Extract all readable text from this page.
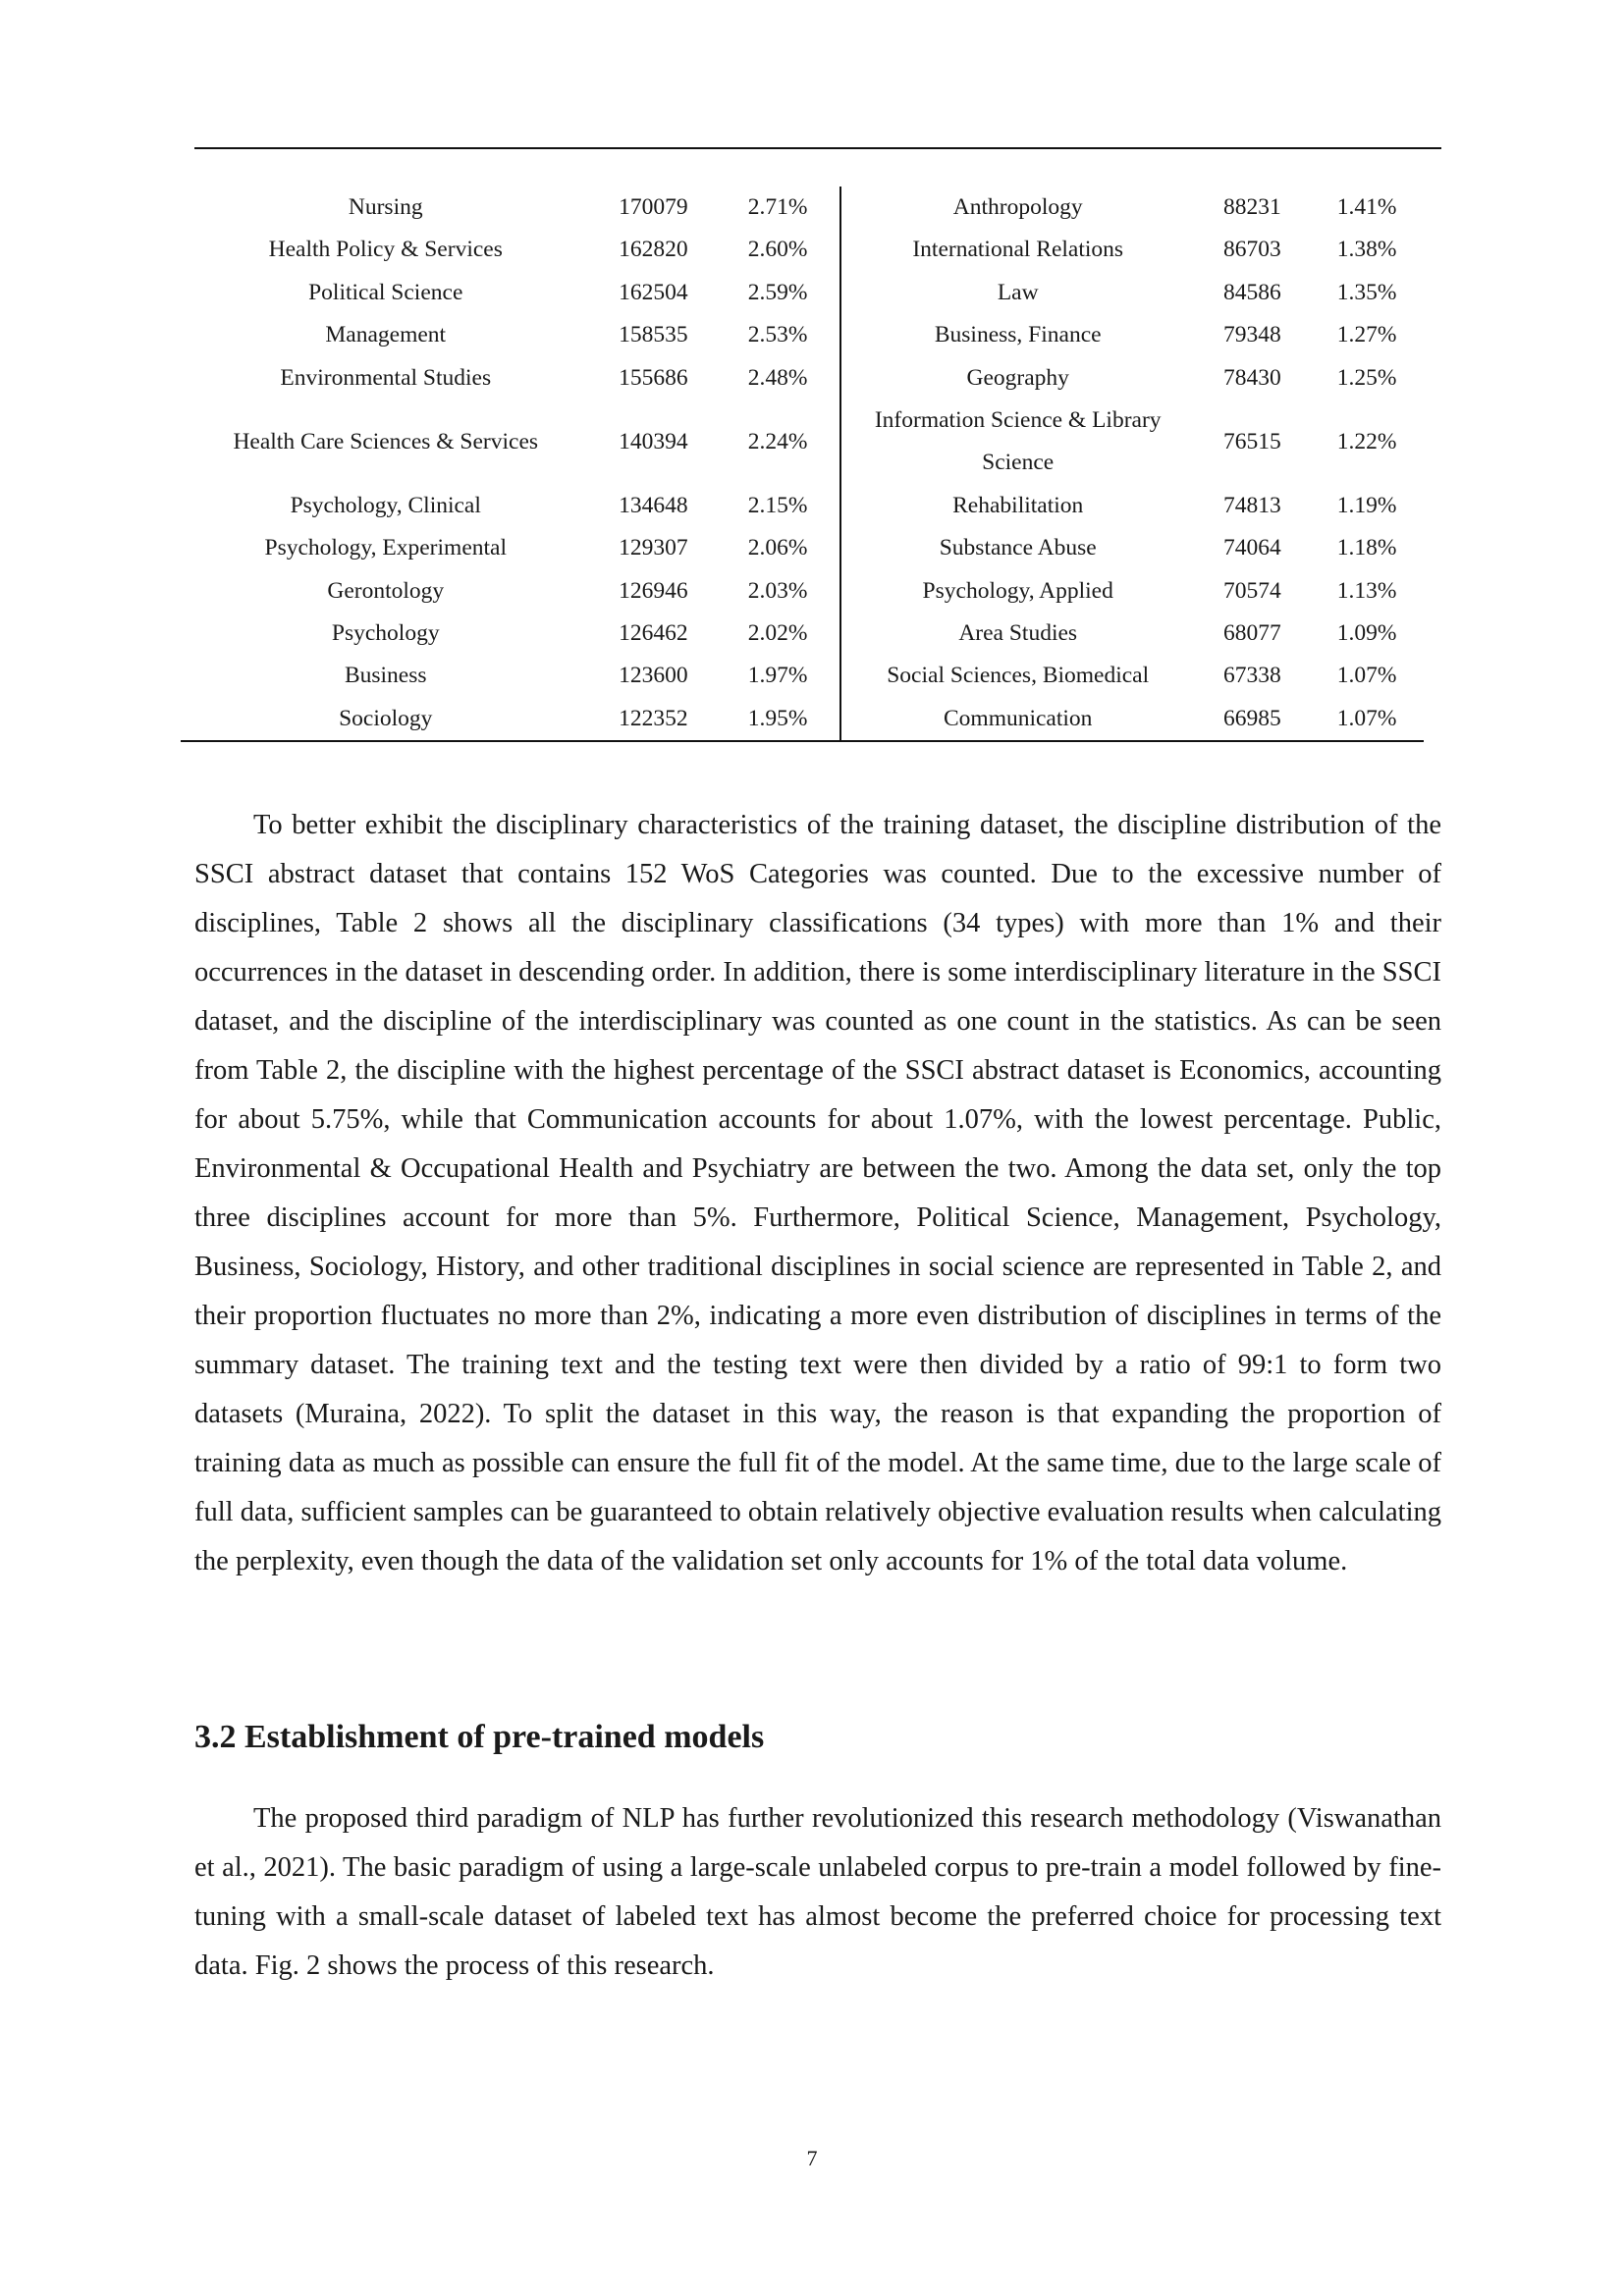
Nursing	170079	2.71%	Anthropology	88231	1.41%
Health Policy & Services	162820	2.60%	International Relations	86703	1.38%
Political Science	162504	2.59%	Law	84586	1.35%
Management	158535	2.53%	Business, Finance	79348	1.27%
Environmental Studies	155686	2.48%	Geography	78430	1.25%
Health Care Sciences & Services	140394	2.24%	Information Science & Library Science	76515	1.22%
Psychology, Clinical	134648	2.15%	Rehabilitation	74813	1.19%
Psychology, Experimental	129307	2.06%	Substance Abuse	74064	1.18%
Gerontology	126946	2.03%	Psychology, Applied	70574	1.13%
Psychology	126462	2.02%	Area Studies	68077	1.09%
Business	123600	1.97%	Social Sciences, Biomedical	67338	1.07%
Sociology	122352	1.95%	Communication	66985	1.07%

To better exhibit the disciplinary characteristics of the training dataset, the discipline distribution of the SSCI abstract dataset that contains 152 WoS Categories was counted. Due to the excessive number of disciplines, Table 2 shows all the disciplinary classifications (34 types) with more than 1% and their occurrences in the dataset in descending order. In addition, there is some interdisciplinary literature in the SSCI dataset, and the discipline of the interdisciplinary was counted as one count in the statistics. As can be seen from Table 2, the discipline with the highest percentage of the SSCI abstract dataset is Economics, accounting for about 5.75%, while that Communication accounts for about 1.07%, with the lowest percentage. Public, Environmental & Occupational Health and Psychiatry are between the two. Among the data set, only the top three disciplines account for more than 5%. Furthermore, Political Science, Management, Psychology, Business, Sociology, History, and other traditional disciplines in social science are represented in Table 2, and their proportion fluctuates no more than 2%, indicating a more even distribution of disciplines in terms of the summary dataset. The training text and the testing text were then divided by a ratio of 99:1 to form two datasets (Muraina, 2022). To split the dataset in this way, the reason is that expanding the proportion of training data as much as possible can ensure the full fit of the model. At the same time, due to the large scale of full data, sufficient samples can be guaranteed to obtain relatively objective evaluation results when calculating the perplexity, even though the data of the validation set only accounts for 1% of the total data volume.

3.2 Establishment of pre-trained models

The proposed third paradigm of NLP has further revolutionized this research methodology (Viswanathan et al., 2021). The basic paradigm of using a large-scale unlabeled corpus to pre-train a model followed by fine-tuning with a small-scale dataset of labeled text has almost become the preferred choice for processing text data. Fig. 2 shows the process of this research.

7
